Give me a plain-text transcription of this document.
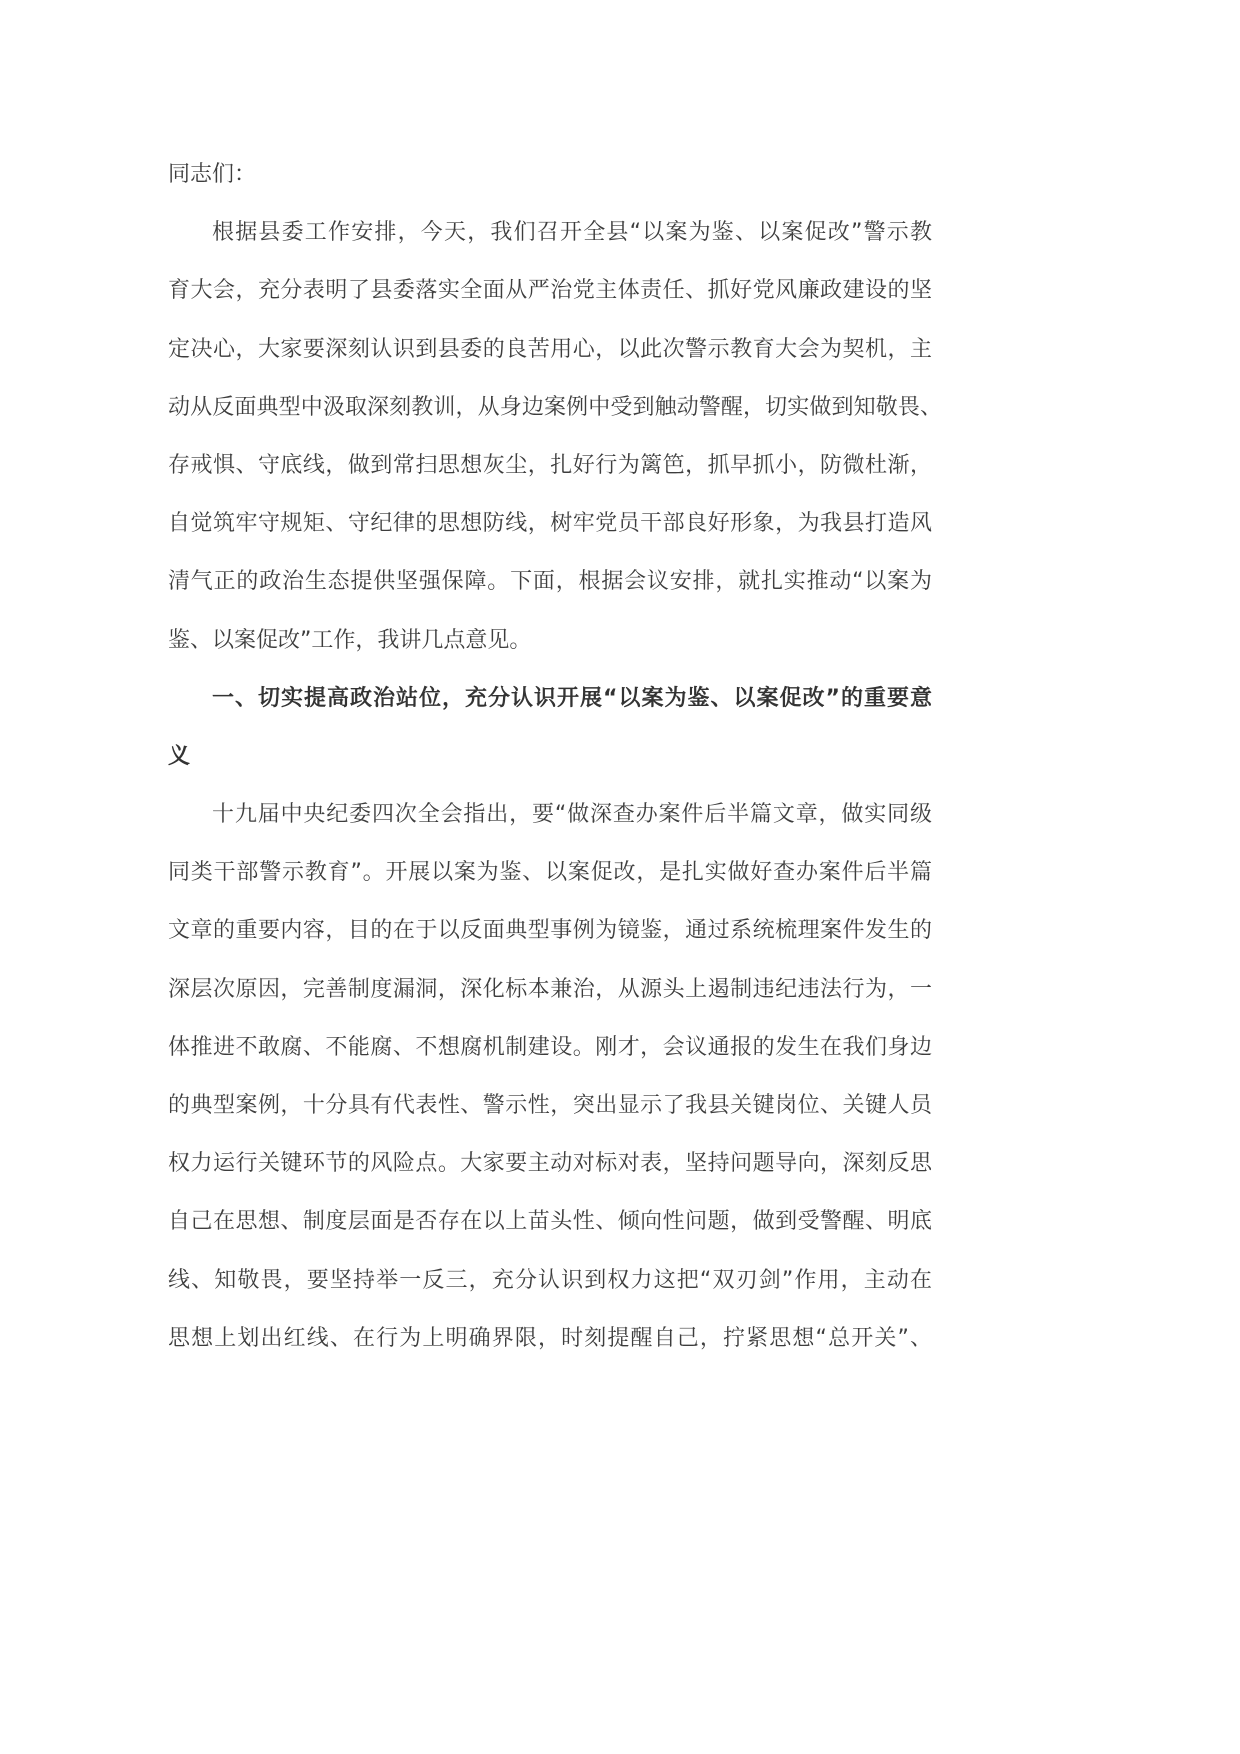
同志们：
根据县委工作安排，今天，我们召开全县“以案为鉴、以案促改”警示教
育大会，充分表明了县委落实全面从严治党主体责任、抓好党风廉政建设的坚
定决心，大家要深刻认识到县委的良苦用心，以此次警示教育大会为契机，主
动从反面典型中汲取深刻教训，从身边案例中受到触动警醒，切实做到知敬畏、
存戒惧、守底线，做到常扫思想灰尘，扎好行为篱笆，抓早抓小，防微杜渐，
自觉筑牢守规矩、守纪律的思想防线，树牢党员干部良好形象，为我县打造风
清气正的政治生态提供坚强保障。下面，根据会议安排，就扎实推动“以案为
鉴、以案促改”工作，我讲几点意见。
一、切实提高政治站位，充分认识开展“以案为鉴、以案促改”的重要意
义
十九届中央纪委四次全会指出，要“做深查办案件后半篇文章，做实同级
同类干部警示教育”。开展以案为鉴、以案促改，是扎实做好查办案件后半篇
文章的重要内容，目的在于以反面典型事例为镜鉴，通过系统梳理案件发生的
深层次原因，完善制度漏洞，深化标本兼治，从源头上遏制违纪违法行为，一
体推进不敢腐、不能腐、不想腐机制建设。刚才，会议通报的发生在我们身边
的典型案例，十分具有代表性、警示性，突出显示了我县关键岗位、关键人员
权力运行关键环节的风险点。大家要主动对标对表，坚持问题导向，深刻反思
自己在思想、制度层面是否存在以上苗头性、倾向性问题，做到受警醒、明底
线、知敬畏，要坚持举一反三，充分认识到权力这把“双刃剑”作用，主动在
思想上划出红线、在行为上明确界限，时刻提醒自己，拧紧思想“总开关”、
